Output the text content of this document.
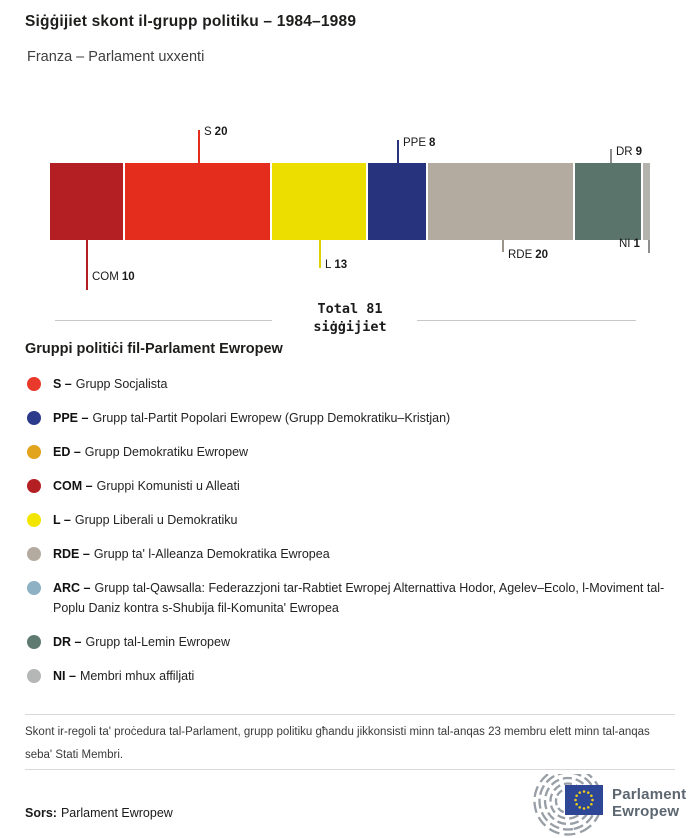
Siġġijiet skont il-grupp politiku – 1984–1989
Franza – Parlament uxxenti
Total 81
siġġijiet
Gruppi politiċi fil-Parlament Ewropew

S – Grupp Socjalista

PPE – Grupp tal-Partit Popolari Ewropew (Grupp Demokratiku–Kristjan)

ED – Grupp Demokratiku Ewropew

COM – Gruppi Komunisti u Alleati

L – Grupp Liberali u Demokratiku

RDE – Grupp ta' l-Alleanza Demokratika Ewropea

ARC – Grupp tal-Qawsalla: Federazzjoni tar-Rabtiet Ewropej Alternattiva Hodor, Agelev–Ecolo, l-Moviment tal-Poplu Daniz kontra s-Shubija fil-Komunita' Ewropea

DR – Grupp tal-Lemin Ewropew

NI – Membri mhux affiljati

Skont ir-regoli ta' proċedura tal-Parlament, grupp politiku għandu jikkonsisti minn tal-anqas 23 membru elett minn tal-anqas seba' Stati Membri.
Sors: Parlament Ewropew
Parlament
Ewropew
COM 10
S 20
L 13
PPE 8
RDE 20
DR 9
NI 1
